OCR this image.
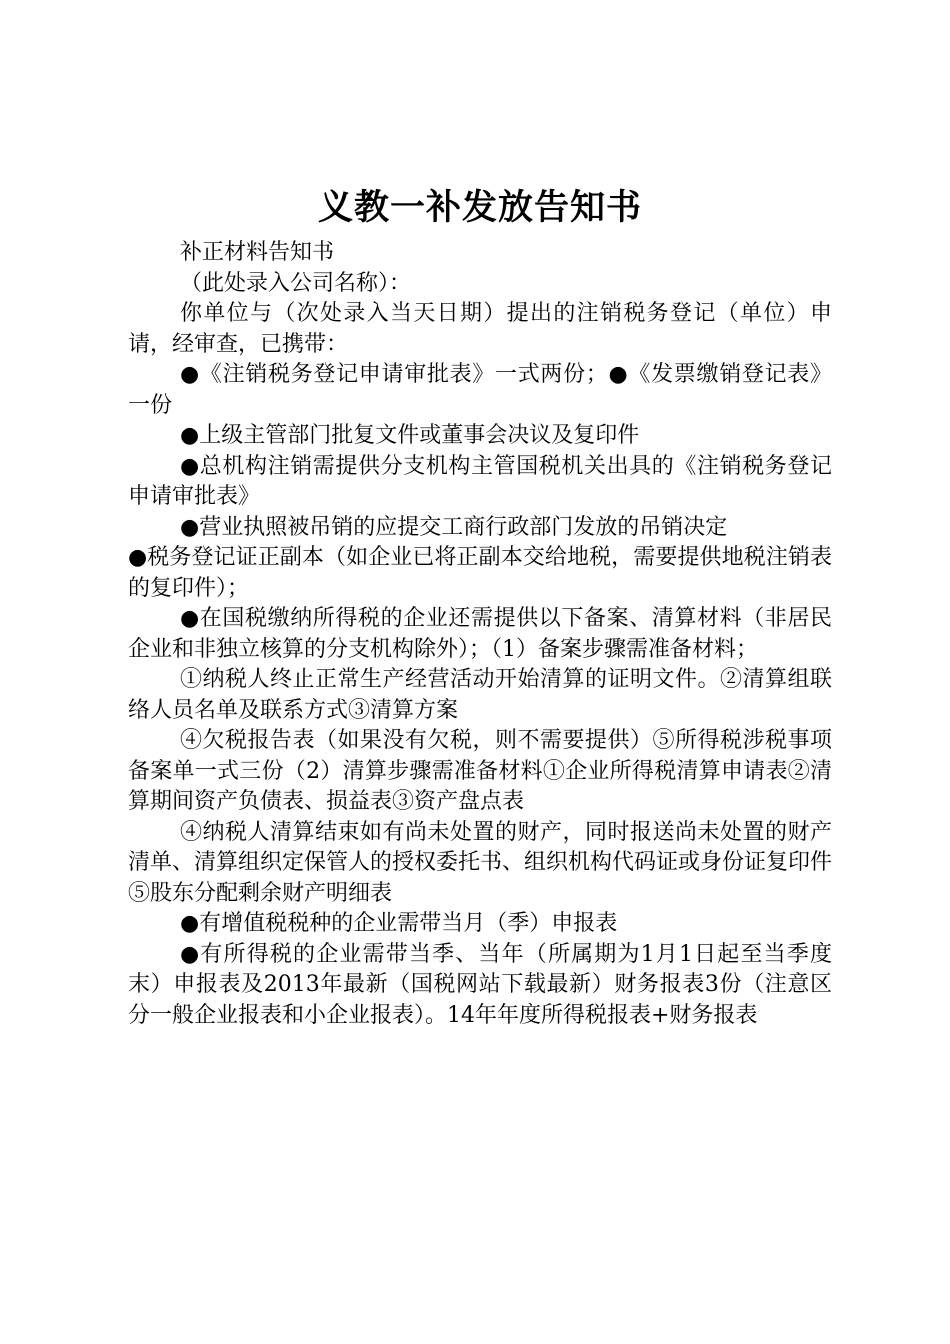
义教一补发放告知书

补正材料告知书

（此处录入公司名称）：

你单位与（次处录入当天日期）提出的注销税务登记（单位）申请，经审查，已携带：

●《注销税务登记申请审批表》一式两份；●《发票缴销登记表》一份

●上级主管部门批复文件或董事会决议及复印件

●总机构注销需提供分支机构主管国税机关出具的《注销税务登记申请审批表》

●营业执照被吊销的应提交工商行政部门发放的吊销决定

●税务登记证正副本（如企业已将正副本交给地税，需要提供地税注销表的复印件）；

●在国税缴纳所得税的企业还需提供以下备案、清算材料（非居民企业和非独立核算的分支机构除外）；（1）备案步骤需准备材料；

①纳税人终止正常生产经营活动开始清算的证明文件。②清算组联络人员名单及联系方式③清算方案

④欠税报告表（如果没有欠税，则不需要提供）⑤所得税涉税事项备案单一式三份（2）清算步骤需准备材料①企业所得税清算申请表②清算期间资产负债表、损益表③资产盘点表

④纳税人清算结束如有尚未处置的财产，同时报送尚未处置的财产清单、清算组织定保管人的授权委托书、组织机构代码证或身份证复印件⑤股东分配剩余财产明细表

●有增值税税种的企业需带当月（季）申报表

●有所得税的企业需带当季、当年（所属期为1月1日起至当季度末）申报表及2013年最新（国税网站下载最新）财务报表3份（注意区分一般企业报表和小企业报表）。14年年度所得税报表+财务报表
